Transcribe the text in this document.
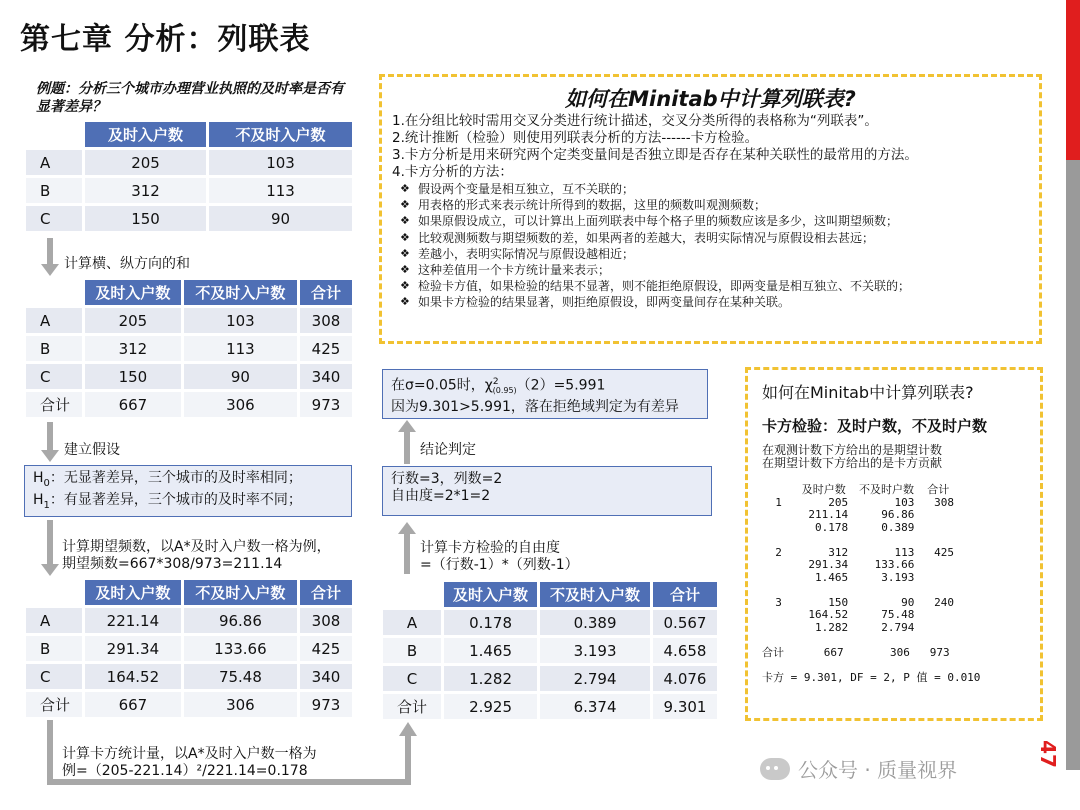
第七章 分析：列联表
47
例题：分析三个城市办理营业执照的及时率是否有显著差异？
	及时入户数	不及时入户数
A	205	103
B	312	113
C	150	90
计算横、纵方向的和
	及时入户数	不及时入户数	合计
A	205	103	308
B	312	113	425
C	150	90	340
合计	667	306	973
建立假设
$H_0$：无显著差异，三个城市的及时率相同；
$H_1$：有显著差异，三个城市的及时率不同；
计算期望频数，以A*及时入户数一格为例，
期望频数=667*308/973=211.14
	及时入户数	不及时入户数	合计
A	221.14	96.86	308
B	291.34	133.66	425
C	164.52	75.48	340
合计	667	306	973
计算卡方统计量，以A*及时入户数一格为
例=（205-221.14）²/221.14=0.178
	及时入户数	不及时入户数	合计
A	0.178	0.389	0.567
B	1.465	3.193	4.658
C	1.282	2.794	4.076
合计	2.925	6.374	9.301
计算卡方检验的自由度
=（行数-1）*（列数-1）
行数=3，列数=2
自由度=2*1=2
结论判定
在σ=0.05时，$\chi^2_{(0.95)}(2)=5.991$
因为9.301>5.991，落在拒绝域判定为有差异
如何在Minitab中计算列联表?
1.在分组比较时需用交叉分类进行统计描述，交叉分类所得的表格称为“列联表”。
2.统计推断（检验）则使用列联表分析的方法------卡方检验。
3.卡方分析是用来研究两个定类变量间是否独立即是否存在某种关联性的最常用的方法。
4.卡方分析的方法：
❖ 假设两个变量是相互独立，互不关联的；
❖ 用表格的形式来表示统计所得到的数据，这里的频数叫观测频数；
❖ 如果原假设成立，可以计算出上面列联表中每个格子里的频数应该是多少，这叫期望频数；
❖ 比较观测频数与期望频数的差，如果两者的差越大，表明实际情况与原假设相去甚远；
❖ 差越小，表明实际情况与原假设越相近；
❖ 这种差值用一个卡方统计量来表示；
❖ 检验卡方值，如果检验的结果不显著，则不能拒绝原假设，即两变量是相互独立、不关联的；
❖ 如果卡方检验的结果显著，则拒绝原假设，即两变量间存在某种关联。
如何在Minitab中计算列联表?
卡方检验：及时户数，不及时户数
在观测计数下方给出的是期望计数
在期望计数下方给出的是卡方贡献
及时户数  不及时户数  合计
1       205       103   308
211.14     96.86
0.178     0.389

2       312       113   425
291.34    133.66
1.465     3.193

3       150        90   240
164.52     75.48
1.282     2.794

合计      667       306   973

卡方 = 9.301, DF = 2, P 值 = 0.010
公众号 · 质量视界
